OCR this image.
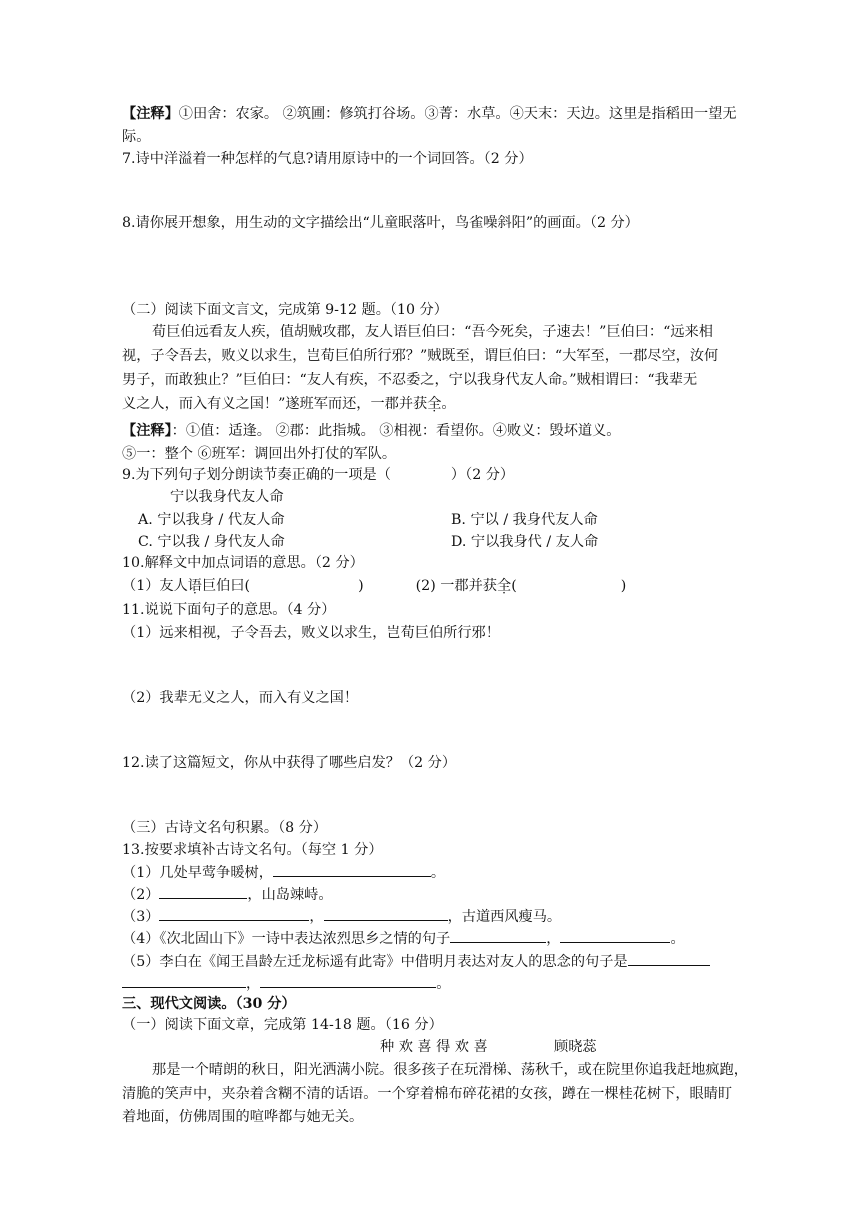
【注释】①田舍：农家。 ②筑圃：修筑打谷场。③菁：水草。④天末：天边。这里是指稻田一望无
际。
7.诗中洋溢着一种怎样的气息?请用原诗中的一个词回答。（2 分）
8.请你展开想象，用生动的文字描绘出“儿童眠落叶，鸟雀噪斜阳”的画面。（2 分）
（二）阅读下面文言文，完成第 9-12 题。（10 分）
荀巨伯远看友人疾，值胡贼攻郡，友人语巨伯曰：“吾今死矣，子速去！”巨伯曰：“远来相
视，子令吾去，败义以求生，岂荀巨伯所行邪？”贼既至，谓巨伯曰：“大军至，一郡尽空，汝何
男子，而敢独止？”巨伯曰：“友人有疾，不忍委之，宁以我身代友人命。”贼相谓曰：“我辈无
义之人，而入有义之国！”遂班军而还，一郡并获全。
【注释】：①值：适逢。 ②郡：此指城。 ③相视：看望你。④败义：毁坏道义。
⑤一：整个 ⑥班军：调回出外打仗的军队。
9.为下列句子划分朗读节奏正确的一项是（	）（2 分）
宁以我身代友人命
A. 宁以我身 / 代友人命	B. 宁以 / 我身代友人命
C. 宁以我 / 身代友人命	D. 宁以我身代 / 友人命
10.解释文中加点词语的意思。（2 分）
（1）友人语巨伯曰(	)	(2) 一郡并获全(	)
11.说说下面句子的意思。（4 分）
（1）远来相视，子令吾去，败义以求生，岂荀巨伯所行邪！
（2）我辈无义之人，而入有义之国！
12.读了这篇短文，你从中获得了哪些启发？（2 分）
（三）古诗文名句积累。（8 分）
13.按要求填补古诗文名句。（每空 1 分）
（1）几处早莺争暖树，	。
（2）	，山岛竦峙。
（3）	，	，古道西风瘦马。
（4）《次北固山下》一诗中表达浓烈思乡之情的句子	，	。
（5）李白在《闻王昌龄左迁龙标遥有此寄》中借明月表达对友人的思念的句子是
，	。
三、现代文阅读。（30 分）
（一）阅读下面文章，完成第 14-18 题。（16 分）
种 欢 喜 得 欢 喜	顾晓蕊
那是一个晴朗的秋日，阳光洒满小院。很多孩子在玩滑梯、荡秋千，或在院里你追我赶地疯跑，
清脆的笑声中，夹杂着含糊不清的话语。一个穿着棉布碎花裙的女孩，蹲在一棵桂花树下，眼睛盯
着地面，仿佛周围的喧哗都与她无关。
